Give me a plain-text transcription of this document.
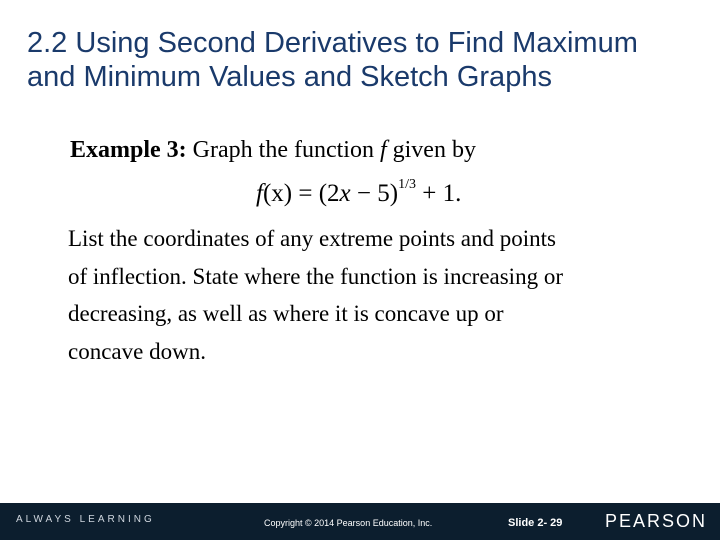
2.2 Using Second Derivatives to Find Maximum and Minimum Values and Sketch Graphs
Example 3: Graph the function f given by
$f(x) = (2x - 5)^{1/3} + 1$.
List the coordinates of any extreme points and points
of inflection. State where the function is increasing or
decreasing, as well as where it is concave up or
concave down.
ALWAYS LEARNING	Copyright © 2014 Pearson Education, Inc.	Slide 2- 29 PEARSON
